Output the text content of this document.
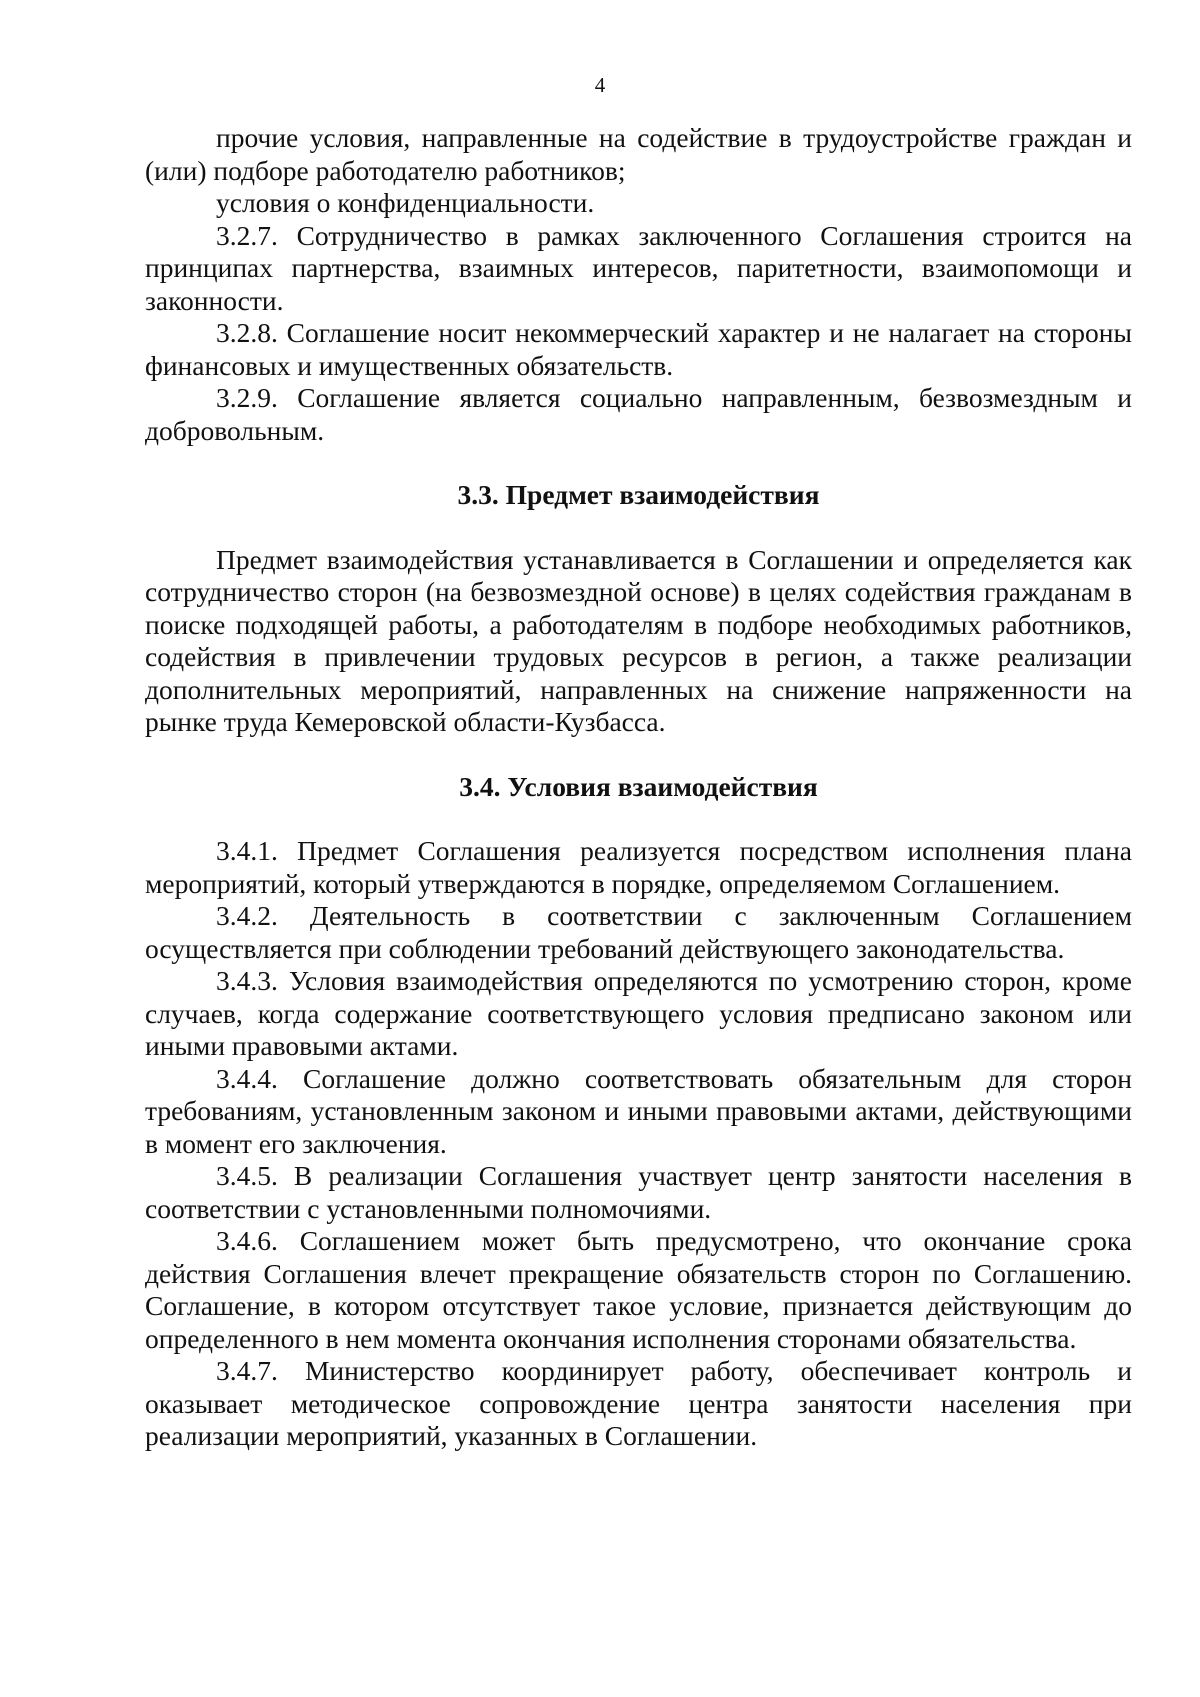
4

прочие условия, направленные на содействие в трудоустройстве граждан и (или) подборе работодателю работников;

условия о конфиденциальности.

3.2.7. Сотрудничество в рамках заключенного Соглашения строится на принципах партнерства, взаимных интересов, паритетности, взаимопомощи и законности.

3.2.8. Соглашение носит некоммерческий характер и не налагает на стороны финансовых и имущественных обязательств.

3.2.9. Соглашение является социально направленным, безвозмездным и добровольным.

3.3. Предмет взаимодействия

Предмет взаимодействия устанавливается в Соглашении и определяется как сотрудничество сторон (на безвозмездной основе) в целях содействия гражданам в поиске подходящей работы, а работодателям в подборе необходимых работников, содействия в привлечении трудовых ресурсов в регион, а также реализации дополнительных мероприятий, направленных на снижение напряженности на рынке труда Кемеровской области-Кузбасса.

3.4. Условия взаимодействия

3.4.1. Предмет Соглашения реализуется посредством исполнения плана мероприятий, который утверждаются в порядке, определяемом Соглашением.

3.4.2. Деятельность в соответствии с заключенным Соглашением осуществляется при соблюдении требований действующего законодательства.

3.4.3. Условия взаимодействия определяются по усмотрению сторон, кроме случаев, когда содержание соответствующего условия предписано законом или иными правовыми актами.

3.4.4. Соглашение должно соответствовать обязательным для сторон требованиям, установленным законом и иными правовыми актами, действующими в момент его заключения.

3.4.5. В реализации Соглашения участвует центр занятости населения в соответствии с установленными полномочиями.

3.4.6. Соглашением может быть предусмотрено, что окончание срока действия Соглашения влечет прекращение обязательств сторон по Соглашению. Соглашение, в котором отсутствует такое условие, признается действующим до определенного в нем момента окончания исполнения сторонами обязательства.

3.4.7. Министерство координирует работу, обеспечивает контроль и оказывает методическое сопровождение центра занятости населения при реализации мероприятий, указанных в Соглашении.
